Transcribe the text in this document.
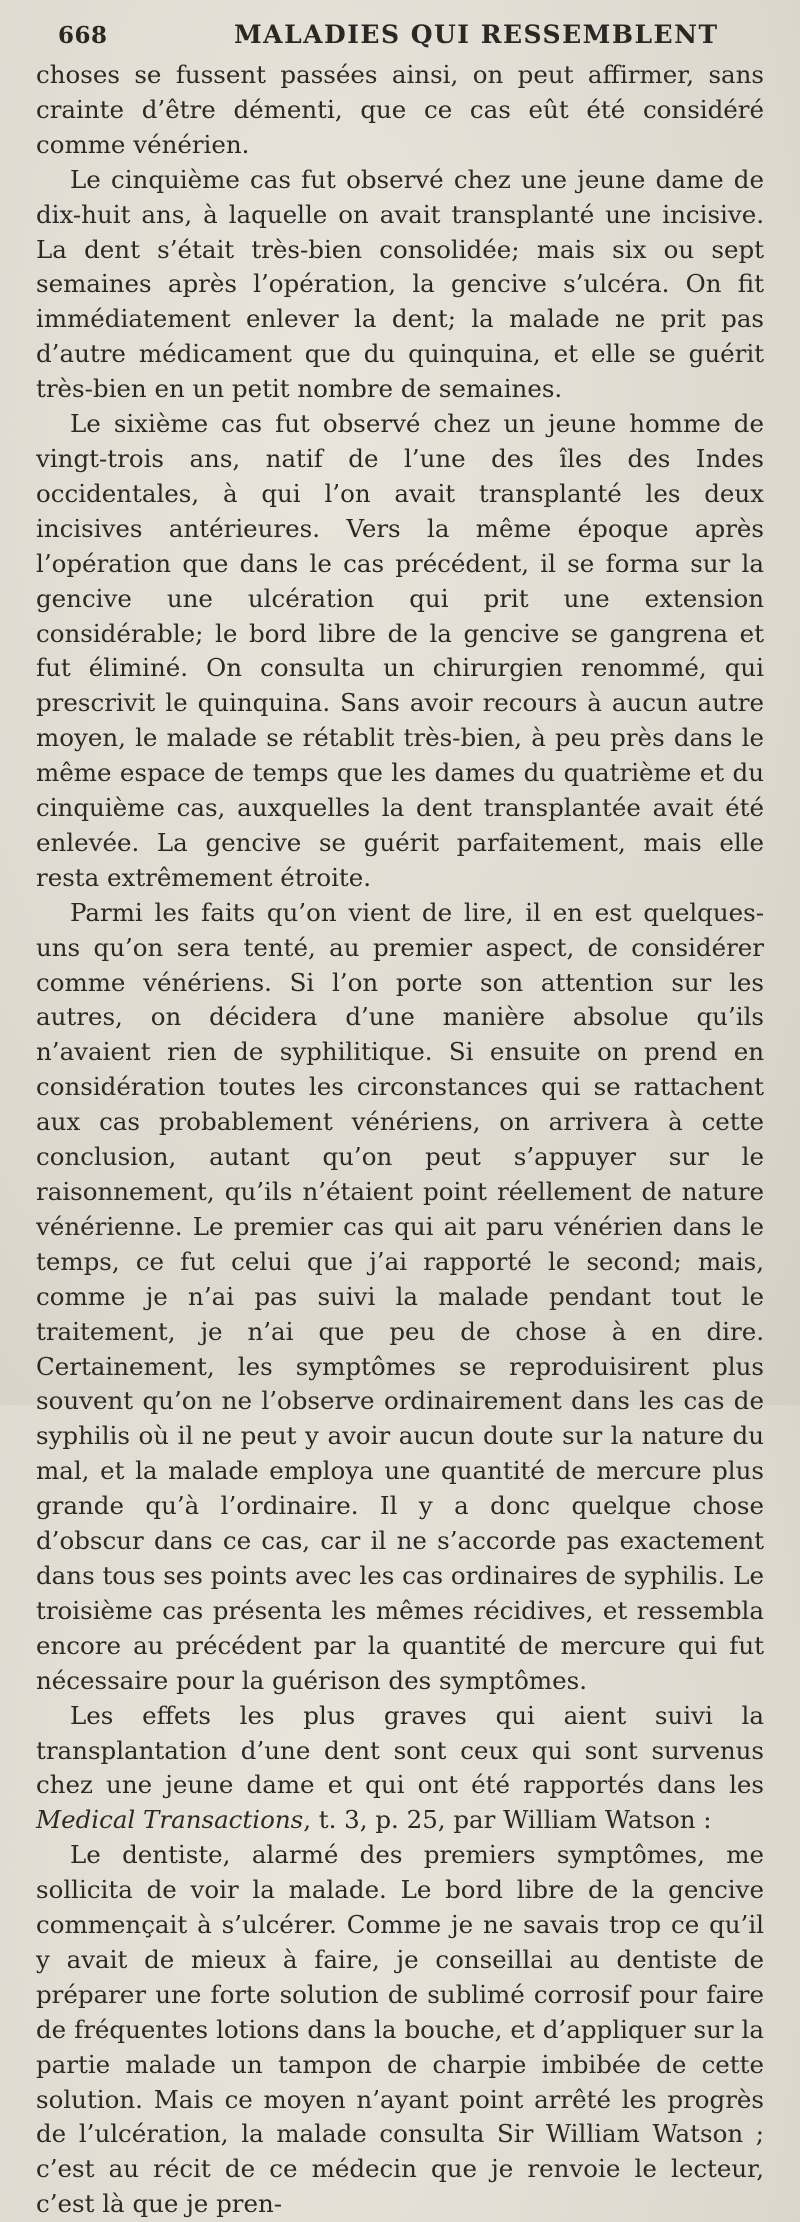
668	MALADIES QUI RESSEMBLENT

choses se fussent passées ainsi, on peut affirmer, sans crainte d’être démenti, que ce cas eût été considéré comme vénérien.

Le cinquième cas fut observé chez une jeune dame de dix-huit ans, à laquelle on avait transplanté une incisive. La dent s’était très-bien consolidée; mais six ou sept semaines après l’opération, la gencive s’ulcéra. On fit immédiatement enlever la dent; la malade ne prit pas d’autre médicament que du quinquina, et elle se guérit très-bien en un petit nombre de semaines.

Le sixième cas fut observé chez un jeune homme de vingt-trois ans, natif de l’une des îles des Indes occidentales, à qui l’on avait transplanté les deux incisives antérieures. Vers la même époque après l’opération que dans le cas précédent, il se forma sur la gencive une ulcération qui prit une extension considérable; le bord libre de la gencive se gangrena et fut éliminé. On consulta un chirurgien renommé, qui prescrivit le quinquina. Sans avoir recours à aucun autre moyen, le malade se rétablit très-bien, à peu près dans le même espace de temps que les dames du quatrième et du cinquième cas, auxquelles la dent transplantée avait été enlevée. La gencive se guérit parfaitement, mais elle resta extrêmement étroite.

Parmi les faits qu’on vient de lire, il en est quelques-uns qu’on sera tenté, au premier aspect, de considérer comme vénériens. Si l’on porte son attention sur les autres, on décidera d’une manière absolue qu’ils n’avaient rien de syphilitique. Si ensuite on prend en considération toutes les circonstances qui se rattachent aux cas probablement vénériens, on arrivera à cette conclusion, autant qu’on peut s’appuyer sur le raisonnement, qu’ils n’étaient point réellement de nature vénérienne. Le premier cas qui ait paru vénérien dans le temps, ce fut celui que j’ai rapporté le second; mais, comme je n’ai pas suivi la malade pendant tout le traitement, je n’ai que peu de chose à en dire. Certainement, les symptômes se reproduisirent plus souvent qu’on ne l’observe ordinairement dans les cas de syphilis où il ne peut y avoir aucun doute sur la nature du mal, et la malade employa une quantité de mercure plus grande qu’à l’ordinaire. Il y a donc quelque chose d’obscur dans ce cas, car il ne s’accorde pas exactement dans tous ses points avec les cas ordinaires de syphilis. Le troisième cas présenta les mêmes récidives, et ressembla encore au précédent par la quantité de mercure qui fut nécessaire pour la guérison des symptômes.

Les effets les plus graves qui aient suivi la transplantation d’une dent sont ceux qui sont survenus chez une jeune dame et qui ont été rapportés dans les Medical Transactions, t. 3, p. 25, par William Watson :

Le dentiste, alarmé des premiers symptômes, me sollicita de voir la malade. Le bord libre de la gencive commençait à s’ulcérer. Comme je ne savais trop ce qu’il y avait de mieux à faire, je conseillai au dentiste de préparer une forte solution de sublimé corrosif pour faire de fréquentes lotions dans la bouche, et d’appliquer sur la partie malade un tampon de charpie imbibée de cette solution. Mais ce moyen n’ayant point arrêté les progrès de l’ulcération, la malade consulta Sir William Watson ; c’est au récit de ce médecin que je renvoie le lecteur, c’est là que je pren-
